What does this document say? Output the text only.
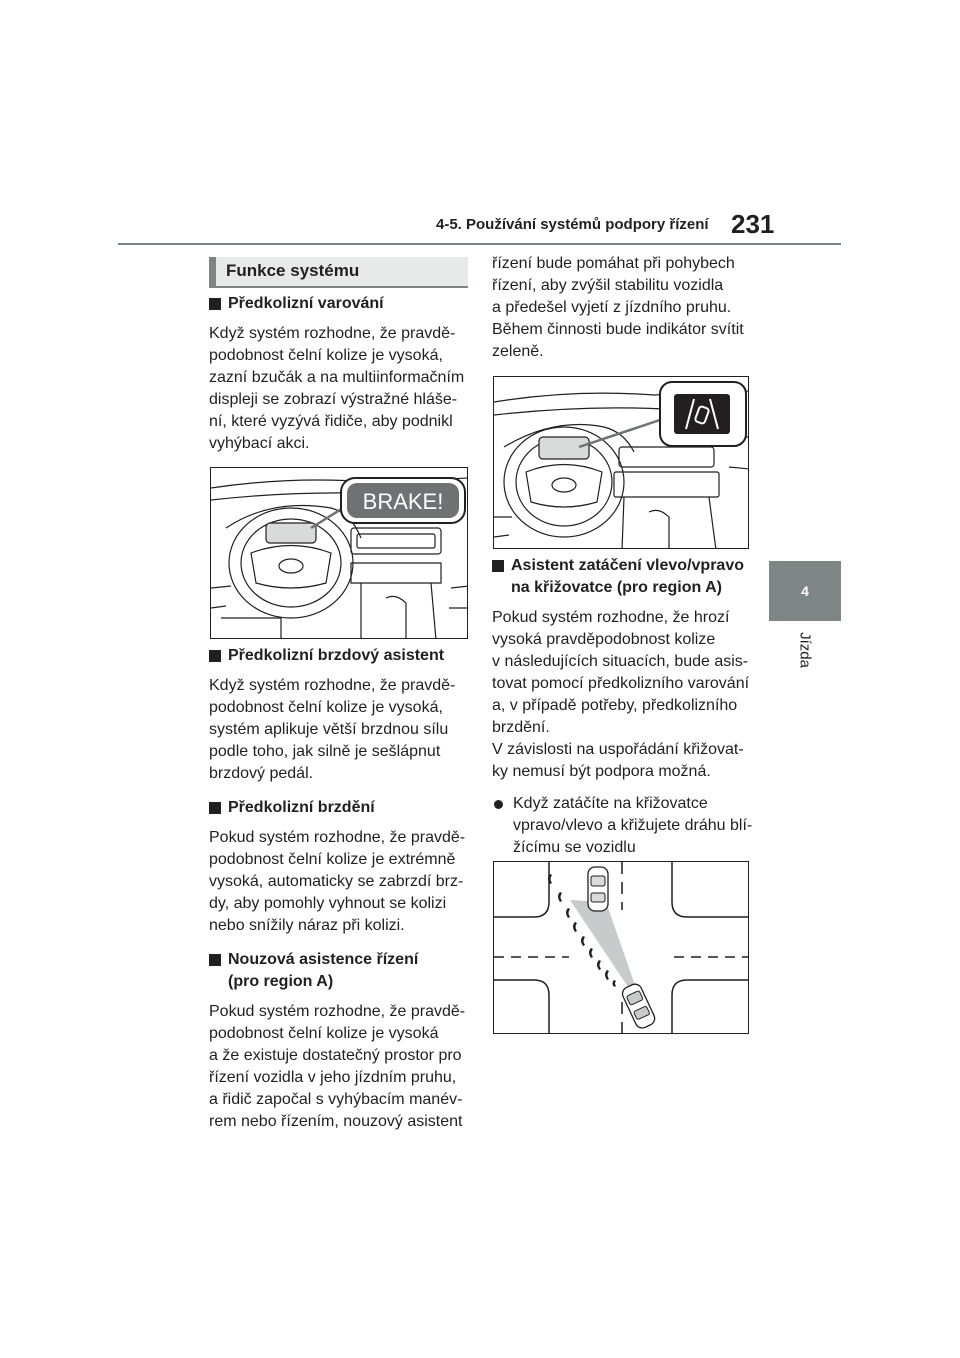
4-5. Používání systémů podpory řízení 231
4
Jízda
Funkce systému
Předkolizní varování

Když systém rozhodne, že pravdě-
podobnost čelní kolize je vysoká,
zazní bzučák a na multiinformačním
displeji se zobrazí výstražné hláše-
ní, které vyzývá řidiče, aby podnikl
vyhýbací akci.

BRAKE!
Předkolizní brzdový asistent

Když systém rozhodne, že pravdě-
podobnost čelní kolize je vysoká,
systém aplikuje větší brzdnou sílu
podle toho, jak silně je sešlápnut
brzdový pedál.

Předkolizní brzdění

Pokud systém rozhodne, že pravdě-
podobnost čelní kolize je extrémně
vysoká, automaticky se zabrzdí brz-
dy, aby pomohly vyhnout se kolizi
nebo snížily náraz při kolizi.

Nouzová asistence řízení
(pro region A)

Pokud systém rozhodne, že pravdě-
podobnost čelní kolize je vysoká
a že existuje dostatečný prostor pro
řízení vozidla v jeho jízdním pruhu,
a řidič započal s vyhýbacím manév-
rem nebo řízením, nouzový asistent

řízení bude pomáhat při pohybech
řízení, aby zvýšil stabilitu vozidla
a předešel vyjetí z jízdního pruhu.
Během činnosti bude indikátor svítit
zeleně.

Asistent zatáčení vlevo/vpravo
na křižovatce (pro region A)

Pokud systém rozhodne, že hrozí
vysoká pravděpodobnost kolize
v následujících situacích, bude asis-
tovat pomocí předkolizního varování
a, v případě potřeby, předkolizního
brzdění.
V závislosti na uspořádání křižovat-
ky nemusí být podpora možná.

Když zatáčíte na křižovatce
vpravo/vlevo a křižujete dráhu blí-
žícímu se vozidlu
